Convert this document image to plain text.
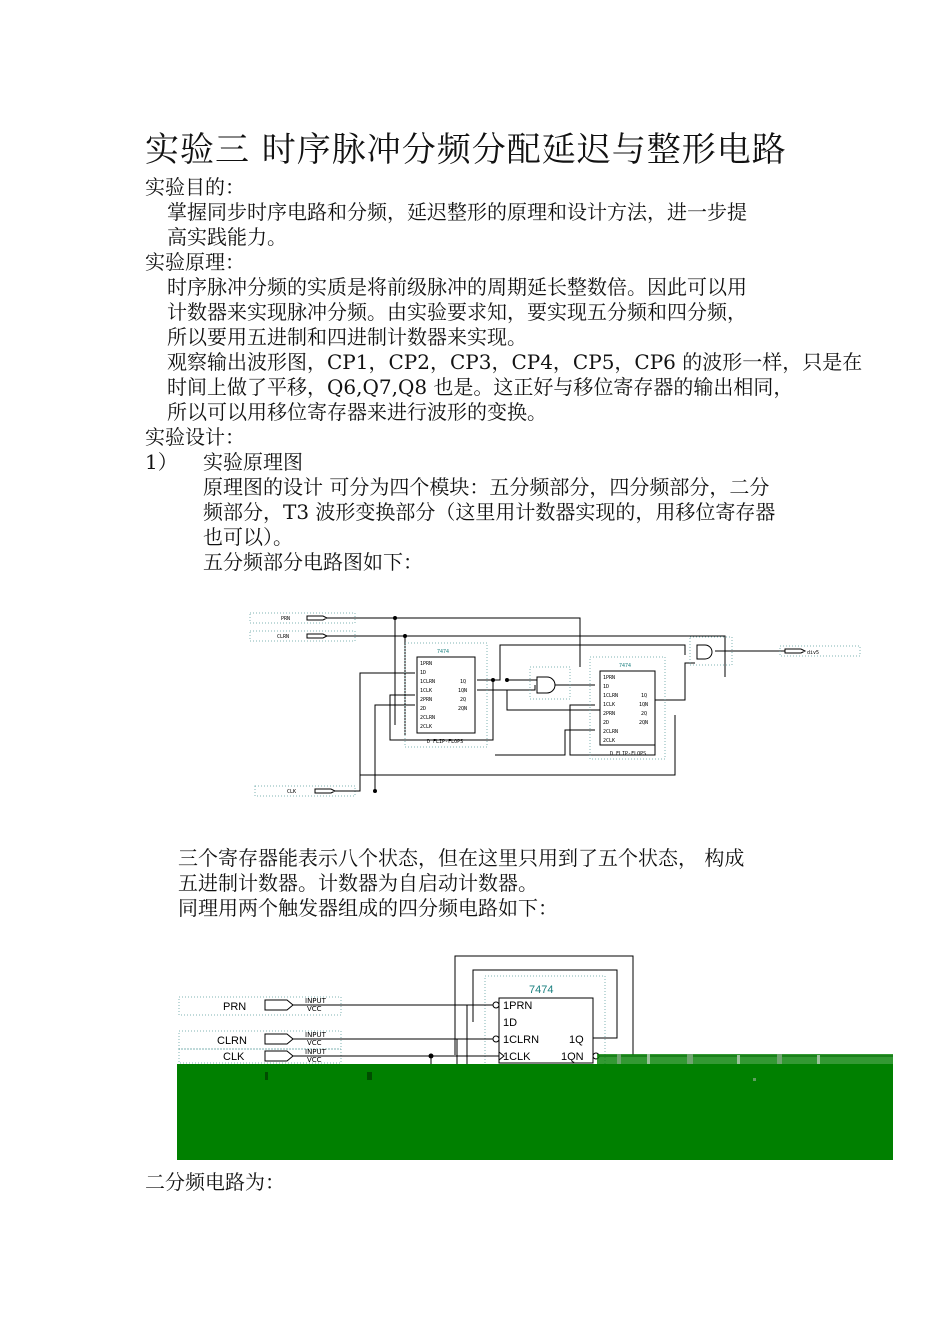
实验三 时序脉冲分频分配延迟与整形电路
实验目的：
掌握同步时序电路和分频，延迟整形的原理和设计方法，进一步提
高实践能力。
实验原理：
时序脉冲分频的实质是将前级脉冲的周期延长整数倍。因此可以用
计数器来实现脉冲分频。由实验要求知，要实现五分频和四分频，
所以要用五进制和四进制计数器来实现。
观察输出波形图，CP1，CP2，CP3，CP4，CP5，CP6 的波形一样，只是在
时间上做了平移，Q6,Q7,Q8 也是。这正好与移位寄存器的输出相同，
所以可以用移位寄存器来进行波形的变换。
实验设计：
1） 实验原理图
原理图的设计 可分为四个模块：五分频部分，四分频部分，二分
频部分，T3 波形变换部分（这里用计数器实现的，用移位寄存器
也可以）。
五分频部分电路图如下：
PRN
CLRN
CLK
7474
1PRN
1D
1CLRN
1CLK
2PRN
2D
2CLRN
2CLK
1Q
1QN
2Q
2QN
D FLIP-FLOPS
7474
1PRN
1D
1CLRN
1CLK
2PRN
2D
2CLRN
2CLK
1Q
1QN
2Q
2QN
D FLIP-FLOPS
div5
三个寄存器能表示八个状态，但在这里只用到了五个状态， 构成
五进制计数器。计数器为自启动计数器。
同理用两个触发器组成的四分频电路如下：
7474
1PRN
1D
1CLRN
1CLK
1Q
1QN
PRN
CLRN
CLK
INPUT
VCC
INPUT
VCC
INPUT
VCC
二分频电路为：
